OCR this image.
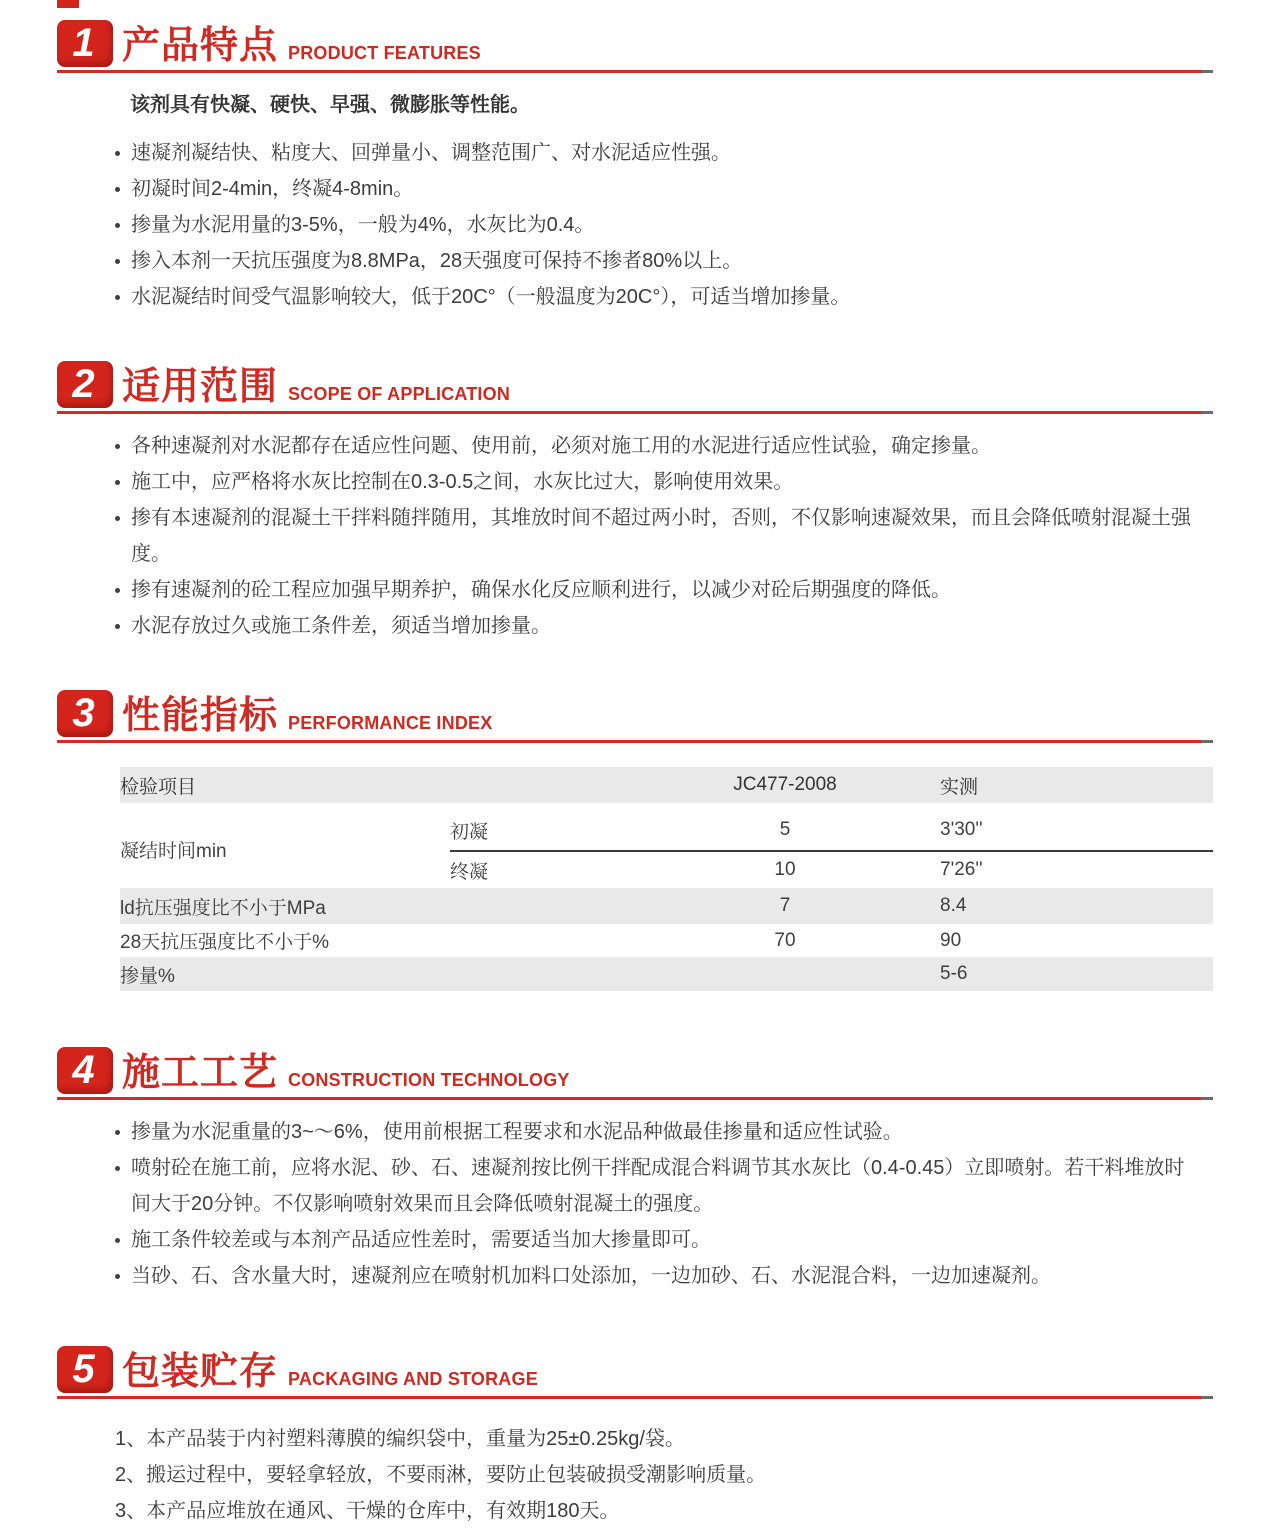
1 产品特点 PRODUCT FEATURES

该剂具有快凝、硬快、早强、微膨胀等性能。

速凝剂凝结快、粘度大、回弹量小、调整范围广、对水泥适应性强。
初凝时间2-4min，终凝4-8min。
掺量为水泥用量的3-5%，一般为4%，水灰比为0.4。
掺入本剂一天抗压强度为8.8MPa，28天强度可保持不掺者80%以上。
水泥凝结时间受气温影响较大，低于20C°（一般温度为20C°），可适当增加掺量。
2 适用范围 SCOPE OF APPLICATION
各种速凝剂对水泥都存在适应性问题、使用前，必须对施工用的水泥进行适应性试验，确定掺量。
施工中，应严格将水灰比控制在0.3-0.5之间，水灰比过大，影响使用效果。
掺有本速凝剂的混凝土干拌料随拌随用，其堆放时间不超过两小时，否则，不仅影响速凝效果，而且会降低喷射混凝土强度。
掺有速凝剂的砼工程应加强早期养护，确保水化反应顺利进行，以减少对砼后期强度的降低。
水泥存放过久或施工条件差，须适当增加掺量。
3 性能指标 PERFORMANCE INDEX
检验项目		JC477-2008	实测
凝结时间min	初凝	5	3'30''
	终凝	10	7'26''
ld抗压强度比不小于MPa		7	8.4
28天抗压强度比不小于%		70	90
掺量%			5-6
4 施工工艺 CONSTRUCTION TECHNOLOGY
掺量为水泥重量的3~～6%，使用前根据工程要求和水泥品种做最佳掺量和适应性试验。
喷射砼在施工前，应将水泥、砂、石、速凝剂按比例干拌配成混合料调节其水灰比（0.4-0.45）立即喷射。若干料堆放时间大于20分钟。不仅影响喷射效果而且会降低喷射混凝土的强度。
施工条件较差或与本剂产品适应性差时，需要适当加大掺量即可。
当砂、石、含水量大时，速凝剂应在喷射机加料口处添加，一边加砂、石、水泥混合料，一边加速凝剂。
5 包装贮存 PACKAGING AND STORAGE

1、本产品装于内衬塑料薄膜的编织袋中，重量为25±0.25kg/袋。

2、搬运过程中，要轻拿轻放，不要雨淋，要防止包装破损受潮影响质量。

3、本产品应堆放在通风、干燥的仓库中，有效期180天。
